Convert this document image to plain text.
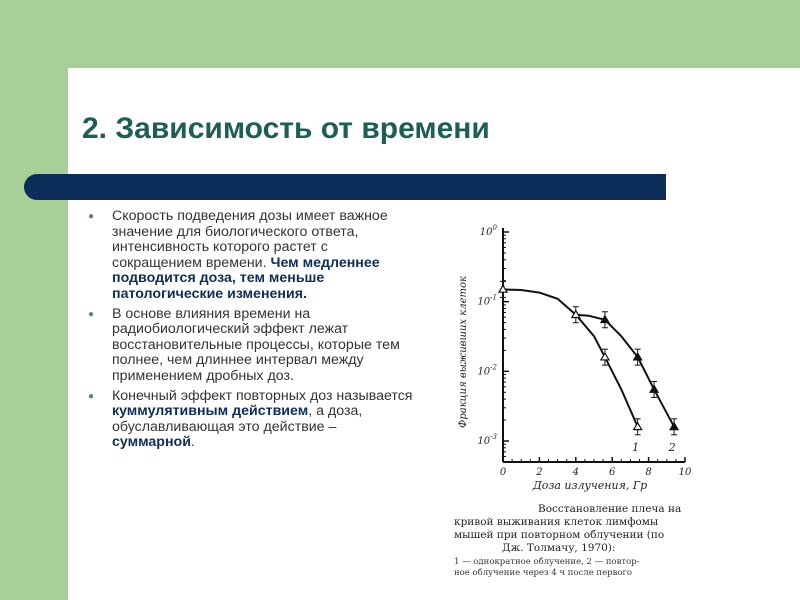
2. Зависимость от времени
● Скорость подведения дозы имеет важное значение для биологического ответа, интенсивность которого растет с сокращением времени. Чем медленнее подводится доза, тем меньше патологические изменения.
● В основе влияния времени на радиобиологический эффект лежат восстановительные процессы, которые тем полнее, чем длиннее интервал между применением дробных доз.
● Конечный эффект повторных доз называется куммулятивным действием, а доза, обуславливающая это действие – суммарной.
0	2	4	6	8	10
$10^0$
$10^{-1}$
$10^{-2}$
$10^{-3}$
1	2
Фракция выживших клеток
Доза излучения, Гр
Восстановление плеча на
кривой выживания клеток лимфомы
мышей при повторном облучении (по
Дж. Толмачу, 1970):
1 — однократное облучение, 2 — повтор-
ное облучение через 4 ч после первого
